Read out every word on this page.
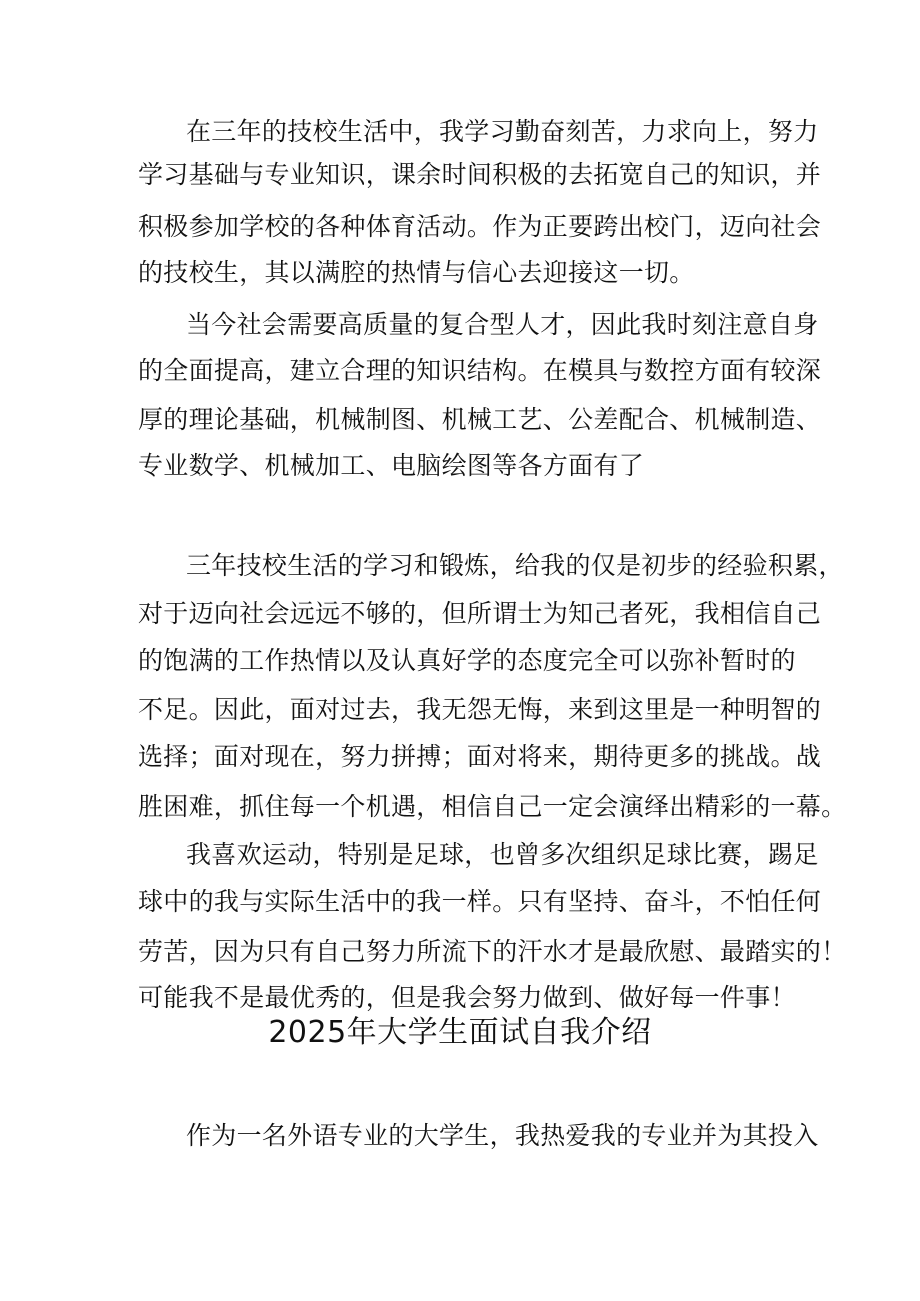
在三年的技校生活中，我学习勤奋刻苦，力求向上，努力
学习基础与专业知识，课余时间积极的去拓宽自己的知识，并
积极参加学校的各种体育活动。作为正要跨出校门，迈向社会
的技校生，其以满腔的热情与信心去迎接这一切。
当今社会需要高质量的复合型人才，因此我时刻注意自身
的全面提高，建立合理的知识结构。在模具与数控方面有较深
厚的理论基础，机械制图、机械工艺、公差配合、机械制造、
专业数学、机械加工、电脑绘图等各方面有了
三年技校生活的学习和锻炼，给我的仅是初步的经验积累，
对于迈向社会远远不够的，但所谓士为知己者死，我相信自己
的饱满的工作热情以及认真好学的态度完全可以弥补暂时的
不足。因此，面对过去，我无怨无悔，来到这里是一种明智的
选择；面对现在，努力拼搏；面对将来，期待更多的挑战。战
胜困难，抓住每一个机遇，相信自己一定会演绎出精彩的一幕。
我喜欢运动，特别是足球，也曾多次组织足球比赛，踢足
球中的我与实际生活中的我一样。只有坚持、奋斗，不怕任何
劳苦，因为只有自己努力所流下的汗水才是最欣慰、最踏实的！
可能我不是最优秀的，但是我会努力做到、做好每一件事！
2025年大学生面试自我介绍
作为一名外语专业的大学生，我热爱我的专业并为其投入
